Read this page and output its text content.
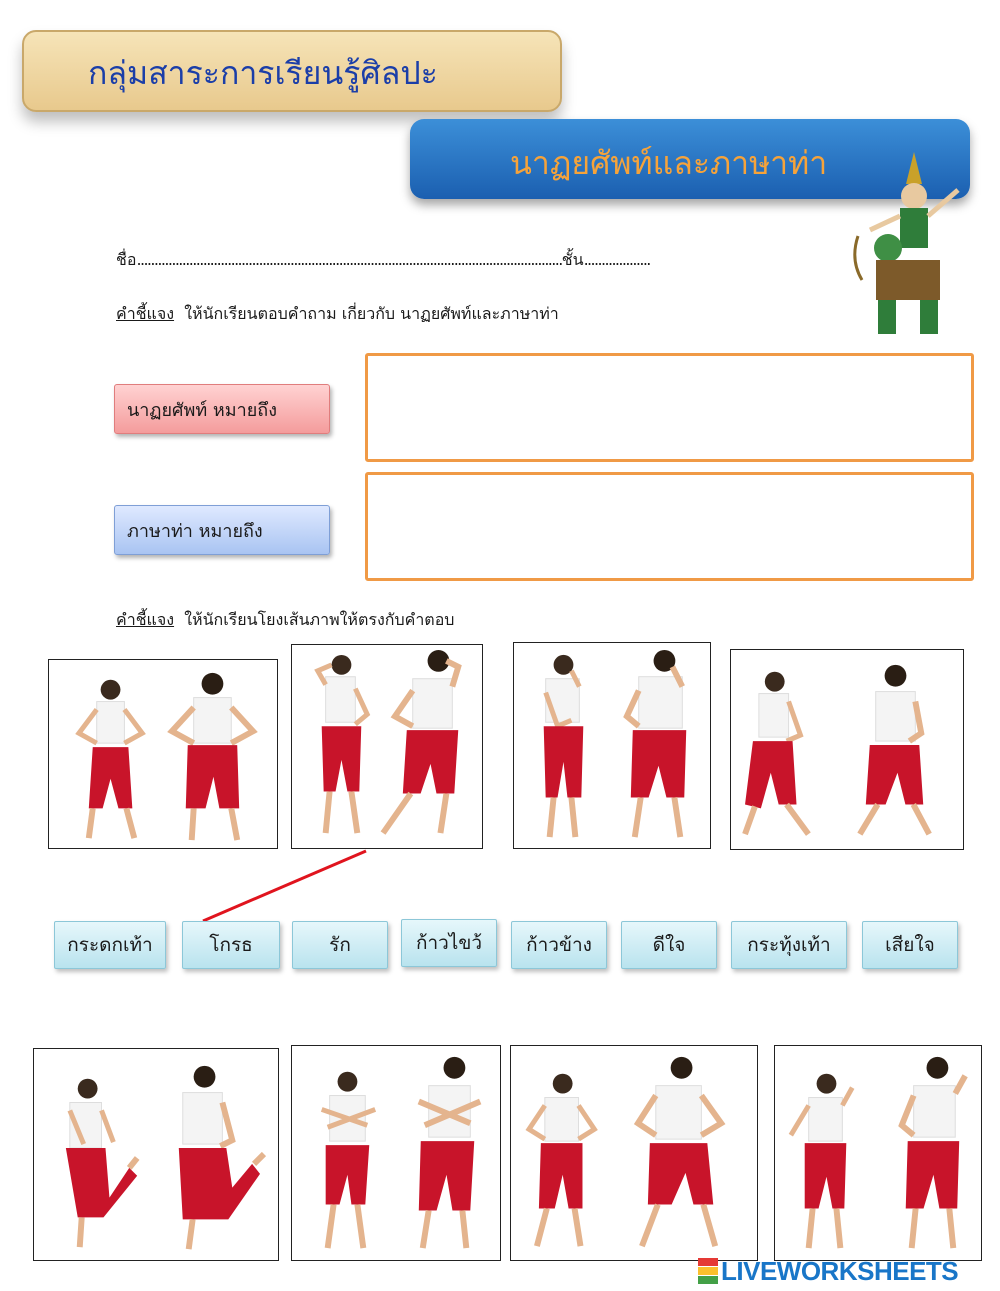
กลุ่มสาระการเรียนรู้ศิลปะ
นาฏยศัพท์และภาษาท่า
ชื่อ..........................................................................................................................ชั้น...................
คำชี้แจง ให้นักเรียนตอบคำถาม เกี่ยวกับ นาฏยศัพท์และภาษาท่า
นาฏยศัพท์ หมายถึง
ภาษาท่า หมายถึง
คำชี้แจง ให้นักเรียนโยงเส้นภาพให้ตรงกับคำตอบ
กระดกเท้า	โกรธ	รัก	ก้าวไขว้ ก้าวข้าง	ดีใจ	กระทุ้งเท้า	เสียใจ
LIVEWORKSHEETS
